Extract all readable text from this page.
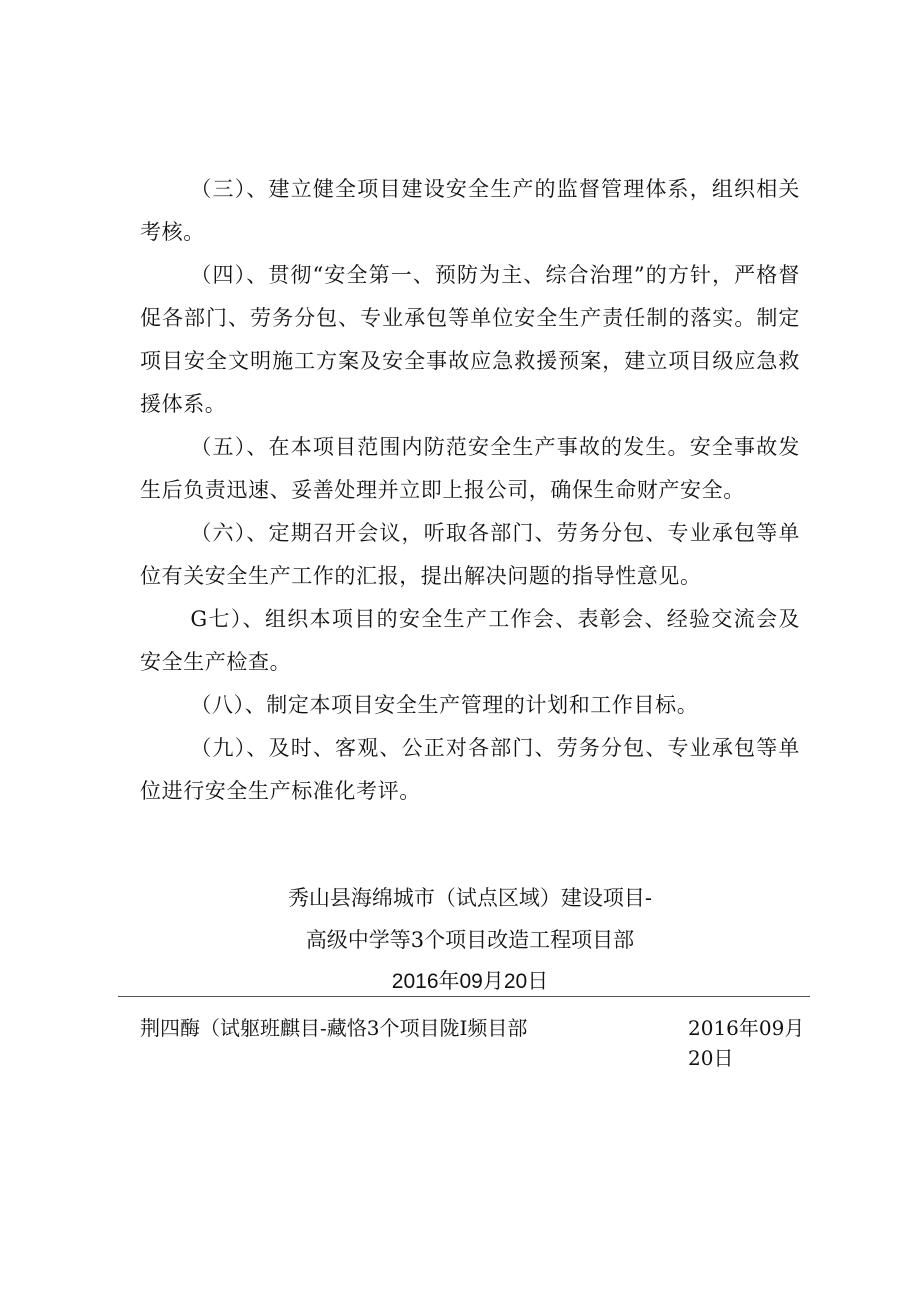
（三）、建立健全项目建设安全生产的监督管理体系，组织相关考核。

（四）、贯彻“安全第一、预防为主、综合治理”的方针，严格督促各部门、劳务分包、专业承包等单位安全生产责任制的落实。制定项目安全文明施工方案及安全事故应急救援预案，建立项目级应急救援体系。

（五）、在本项目范围内防范安全生产事故的发生。安全事故发生后负责迅速、妥善处理并立即上报公司，确保生命财产安全。

（六）、定期召开会议，听取各部门、劳务分包、专业承包等单位有关安全生产工作的汇报，提出解决问题的指导性意见。

G七）、组织本项目的安全生产工作会、表彰会、经验交流会及安全生产检查。

（八）、制定本项目安全生产管理的计划和工作目标。

（九）、及时、客观、公正对各部门、劳务分包、专业承包等单位进行安全生产标准化考评。

秀山县海绵城市（试点区域）建设项目-
高级中学等3个项目改造工程项目部
2016年09月20日
荆四酶（试躯班麒目-藏恪3个项目陇I频目部	2016年09月20日
